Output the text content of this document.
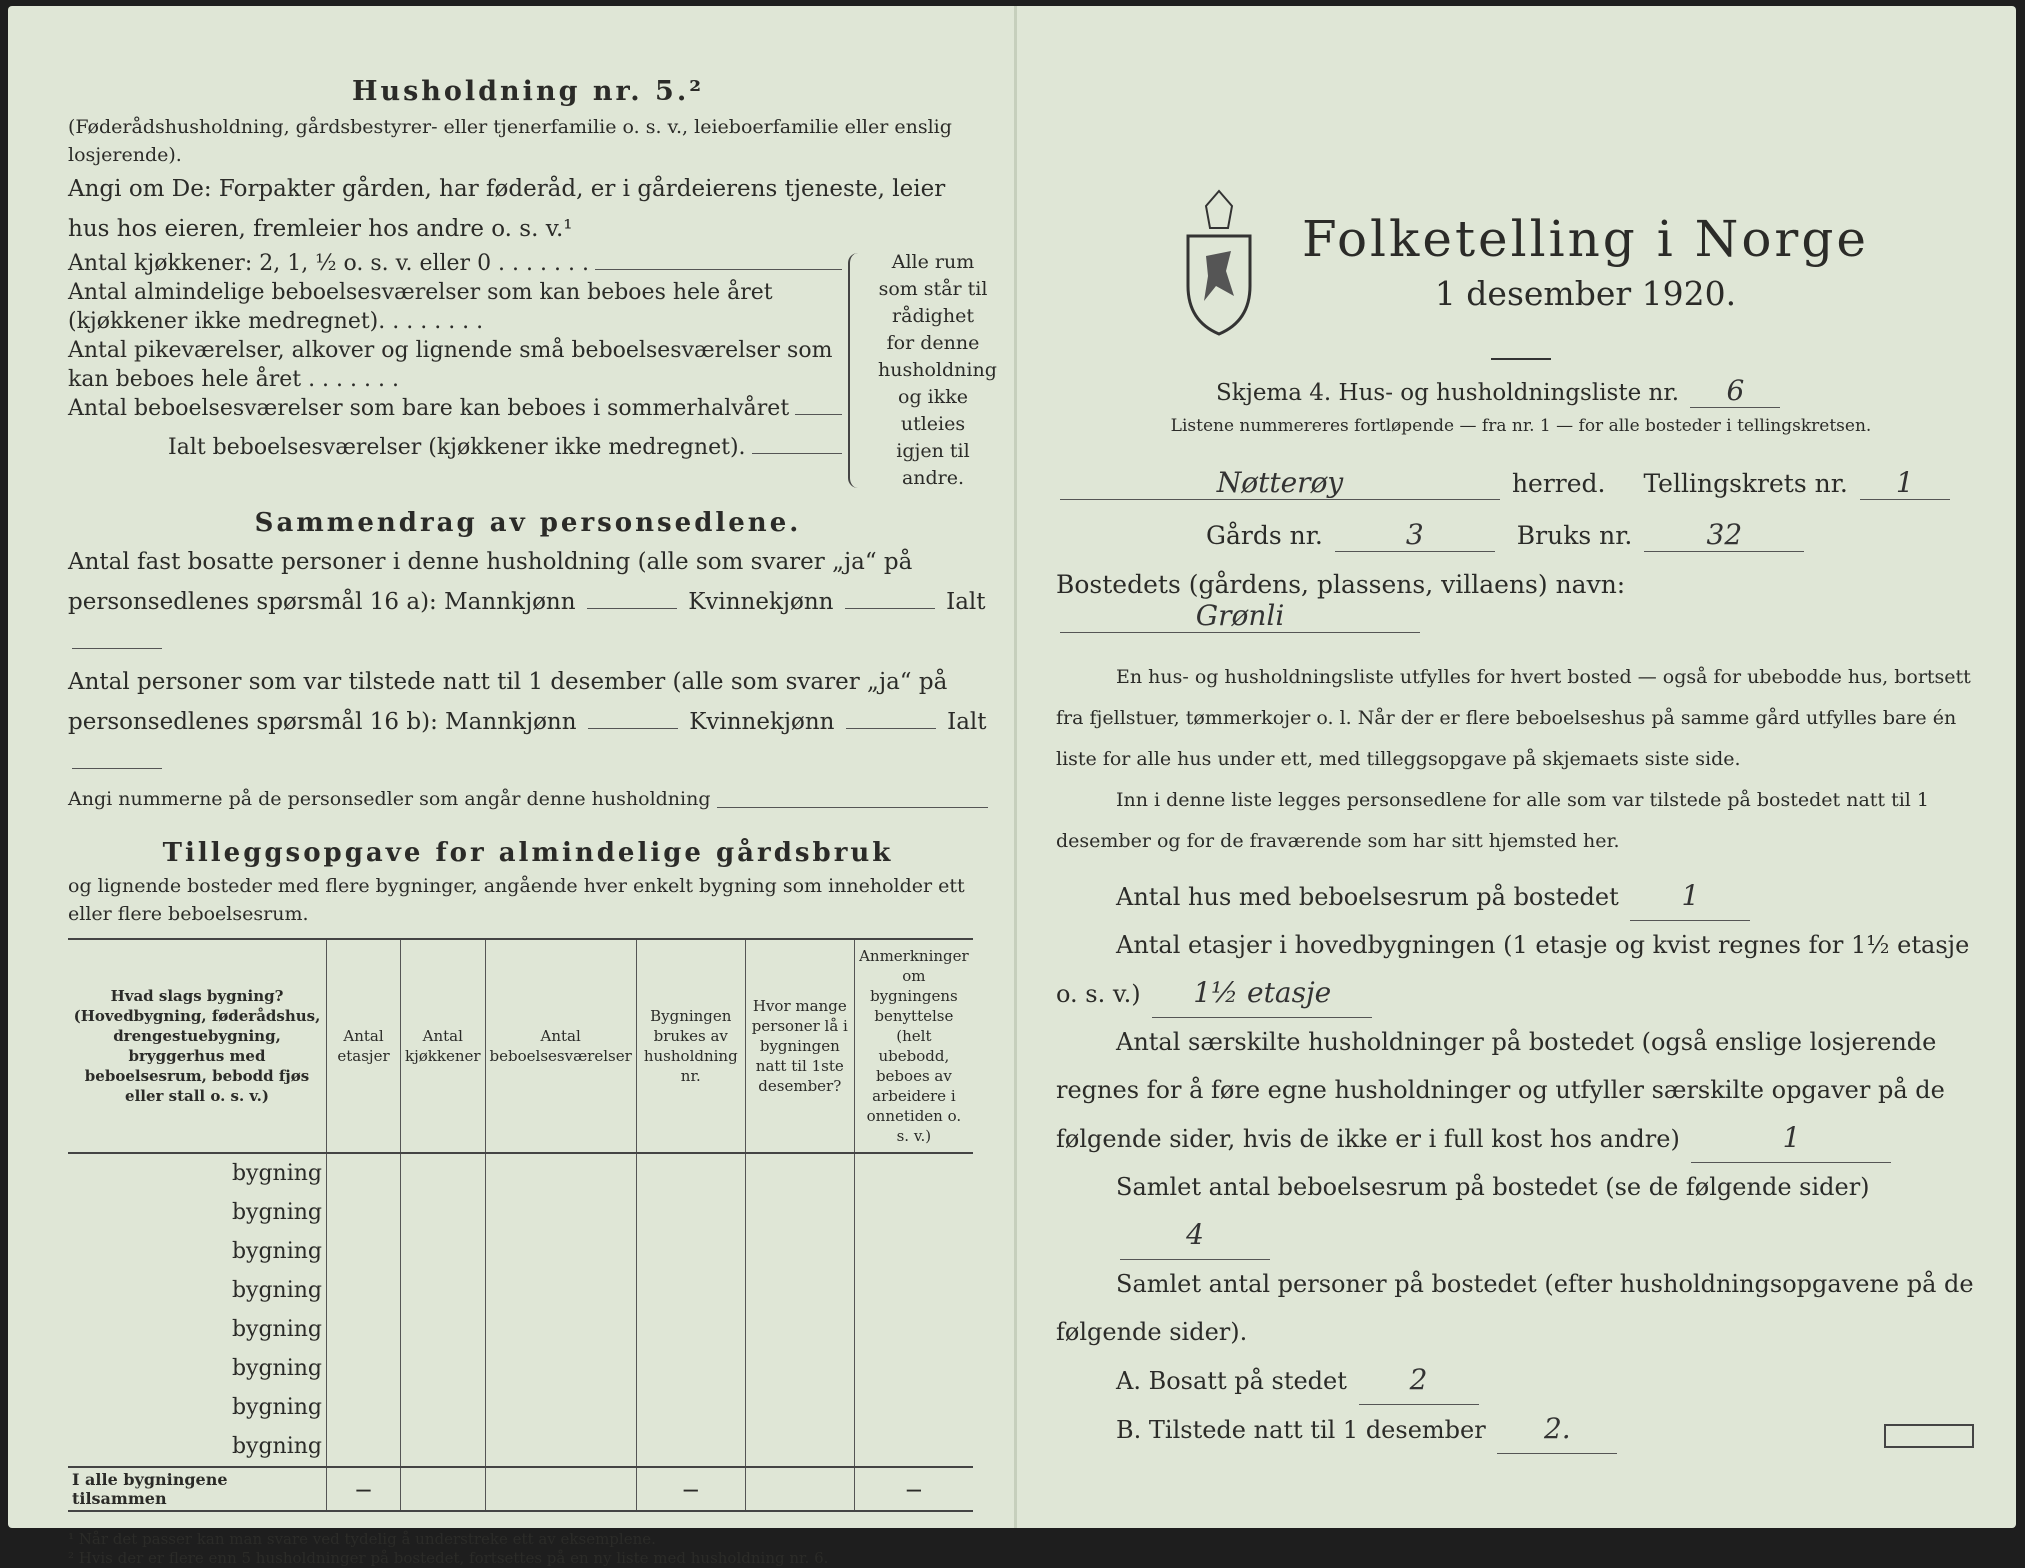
Husholdning nr. 5.²
(Føderådshusholdning, gårdsbestyrer- eller tjenerfamilie o. s. v., leieboerfamilie eller enslig losjerende).
Angi om De: Forpakter gården, har føderåd, er i gårdeierens tjeneste, leier hus hos eieren, fremleier hos andre o. s. v.¹
Antal kjøkkener: 2, 1, ½ o. s. v. eller 0 . . . . . . .
Antal almindelige beboelsesværelser som kan beboes hele året (kjøkkener ikke medregnet). . . . . . . .
Antal pikeværelser, alkover og lignende små beboelsesværelser som kan beboes hele året . . . . . . .
Antal beboelsesværelser som bare kan beboes i sommerhalvåret
Ialt beboelsesværelser (kjøkkener ikke medregnet).
Alle rum som står til rådighet for denne husholdning og ikke utleies igjen til andre.
Sammendrag av personsedlene.
Antal fast bosatte personer i denne husholdning (alle som svarer „ja“ på personsedlenes spørsmål 16 a): Mannkjønn	Kvinnekjønn	Ialt
Antal personer som var tilstede natt til 1 desember (alle som svarer „ja“ på personsedlenes spørsmål 16 b): Mannkjønn	Kvinnekjønn	Ialt
Angi nummerne på de personsedler som angår denne husholdning
Tilleggsopgave for almindelige gårdsbruk
og lignende bosteder med flere bygninger, angående hver enkelt bygning som inneholder ett eller flere beboelsesrum.
Hvad slags bygning? (Hovedbygning, føderådshus, drengestuebygning, bryggerhus med beboelsesrum, bebodd fjøs eller stall o. s. v.)	Antal etasjer	Antal kjøkkener	Antal beboelsesværelser	Bygningen brukes av husholdning nr.	Hvor mange personer lå i bygningen natt til 1ste desember?	Anmerkninger om bygningens benyttelse (helt ubebodd, beboes av arbeidere i onnetiden o. s. v.)
bygning						
bygning						
bygning						
bygning						
bygning						
bygning						
bygning						
bygning						
I alle bygningene tilsammen	—			—		—
¹ Når det passer kan man svare ved tydelig å understreke ett av eksemplene.
² Hvis der er flere enn 5 husholdninger på bostedet, fortsettes på en ny liste med husholdning nr. 6.
Folketelling i Norge
1 desember 1920.
Skjema 4. Hus- og husholdningsliste nr. 6
Listene nummereres fortløpende — fra nr. 1 — for alle bosteder i tellingskretsen.
Nøtterøy	herred. Tellingskrets nr. 1
Gårds nr.	3	Bruks nr.	32
Bostedets (gårdens, plassens, villaens) navn: Grønli
En hus- og husholdningsliste utfylles for hvert bosted — også for ubebodde hus, bortsett fra fjellstuer, tømmerkojer o. l. Når der er flere beboelseshus på samme gård utfylles bare én liste for alle hus under ett, med tilleggsopgave på skjemaets siste side.
Inn i denne liste legges personsedlene for alle som var tilstede på bostedet natt til 1 desember og for de fraværende som har sitt hjemsted her.
Antal hus med beboelsesrum på bostedet 1
Antal etasjer i hovedbygningen (1 etasje og kvist regnes for 1½ etasje o. s. v.) 1½ etasje
Antal særskilte husholdninger på bostedet (også enslige losjerende regnes for å føre egne husholdninger og utfyller særskilte opgaver på de følgende sider, hvis de ikke er i full kost hos andre)	1
Samlet antal beboelsesrum på bostedet (se de følgende sider) 4
Samlet antal personer på bostedet (efter husholdningsopgavene på de følgende sider).
A. Bosatt på stedet 2
B. Tilstede natt til 1 desember 2.
